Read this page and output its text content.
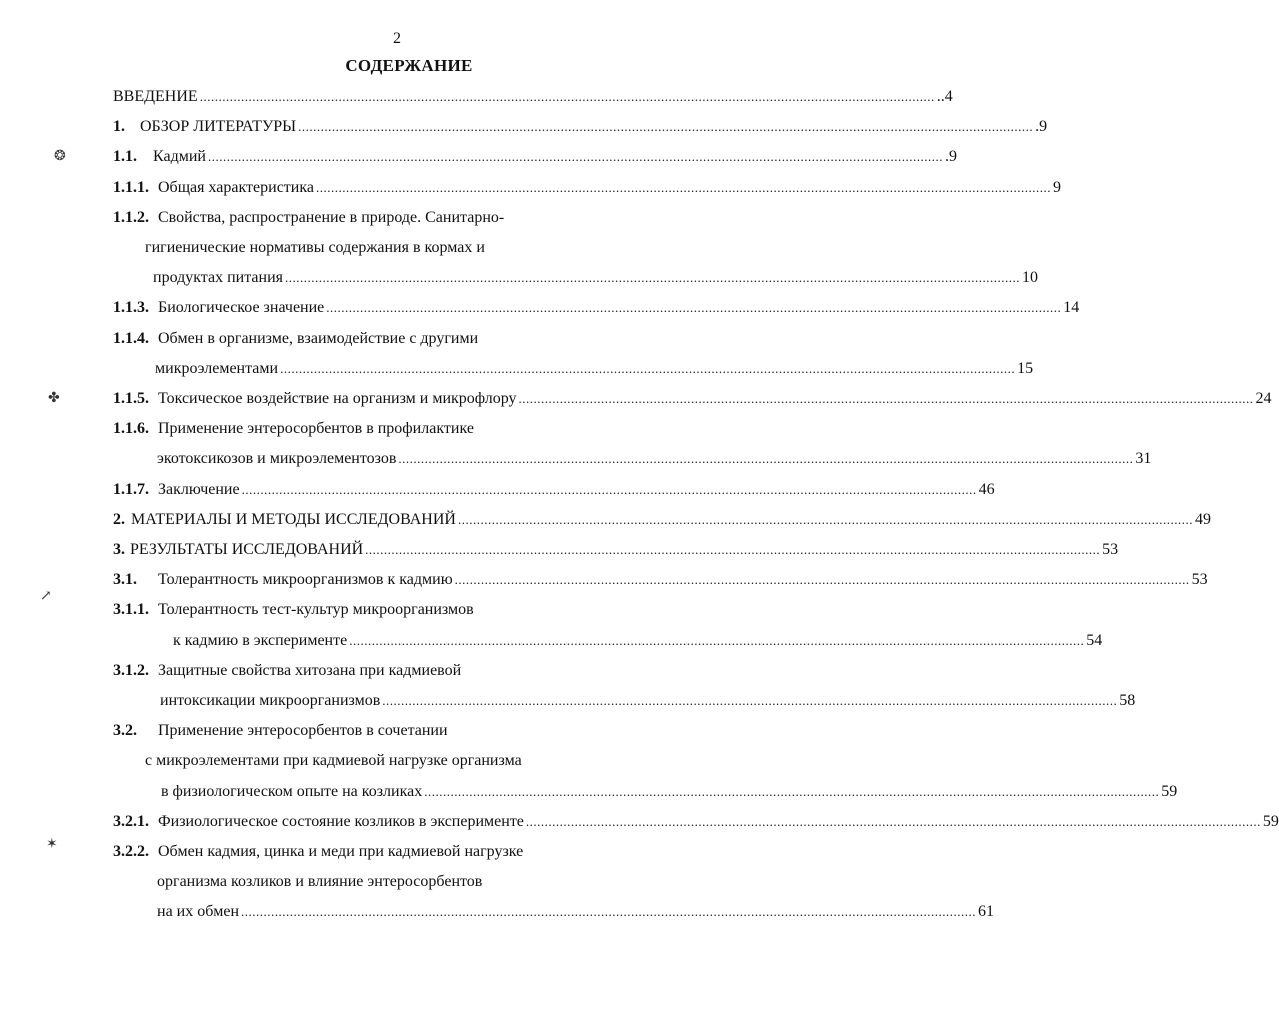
2
СОДЕРЖАНИЕ
❂
✤
↗
✶
ВВЕДЕНИЕ .................................................................................................................................................................................................... ..4
1. ОБЗОР ЛИТЕРАТУРЫ .................................................................................................................................................................................................... .9
1.1. Кадмий .................................................................................................................................................................................................... .9
1.1.1. Общая характеристика .................................................................................................................................................................................................... 9
1.1.2. Свойства, распространение в природе. Санитарно-
гигиенические нормативы содержания в кормах и
продуктах питания .................................................................................................................................................................................................... 10
1.1.3. Биологическое значение .................................................................................................................................................................................................... 14
1.1.4. Обмен в организме, взаимодействие с другими
микроэлементами .................................................................................................................................................................................................... 15
1.1.5. Токсическое воздействие на организм и микрофлору .................................................................................................................................................................................................... 24
1.1.6. Применение энтеросорбентов в профилактике
экотоксикозов и микроэлементозов .................................................................................................................................................................................................... 31
1.1.7. Заключение .................................................................................................................................................................................................... 46
2. МАТЕРИАЛЫ И МЕТОДЫ ИССЛЕДОВАНИЙ .................................................................................................................................................................................................... 49
3. РЕЗУЛЬТАТЫ ИССЛЕДОВАНИЙ .................................................................................................................................................................................................... 53
3.1. Толерантность микроорганизмов к кадмию .................................................................................................................................................................................................... 53
3.1.1. Толерантность тест-культур микроорганизмов
к кадмию в эксперименте .................................................................................................................................................................................................... 54
3.1.2. Защитные свойства хитозана при кадмиевой
интоксикации микроорганизмов .................................................................................................................................................................................................... 58
3.2. Применение энтеросорбентов в сочетании
с микроэлементами при кадмиевой нагрузке организма
в физиологическом опыте на козликах .................................................................................................................................................................................................... 59
3.2.1. Физиологическое состояние козликов в эксперименте .................................................................................................................................................................................................... 59
3.2.2. Обмен кадмия, цинка и меди при кадмиевой нагрузке
организма козликов и влияние энтеросорбентов
на их обмен .................................................................................................................................................................................................... 61
